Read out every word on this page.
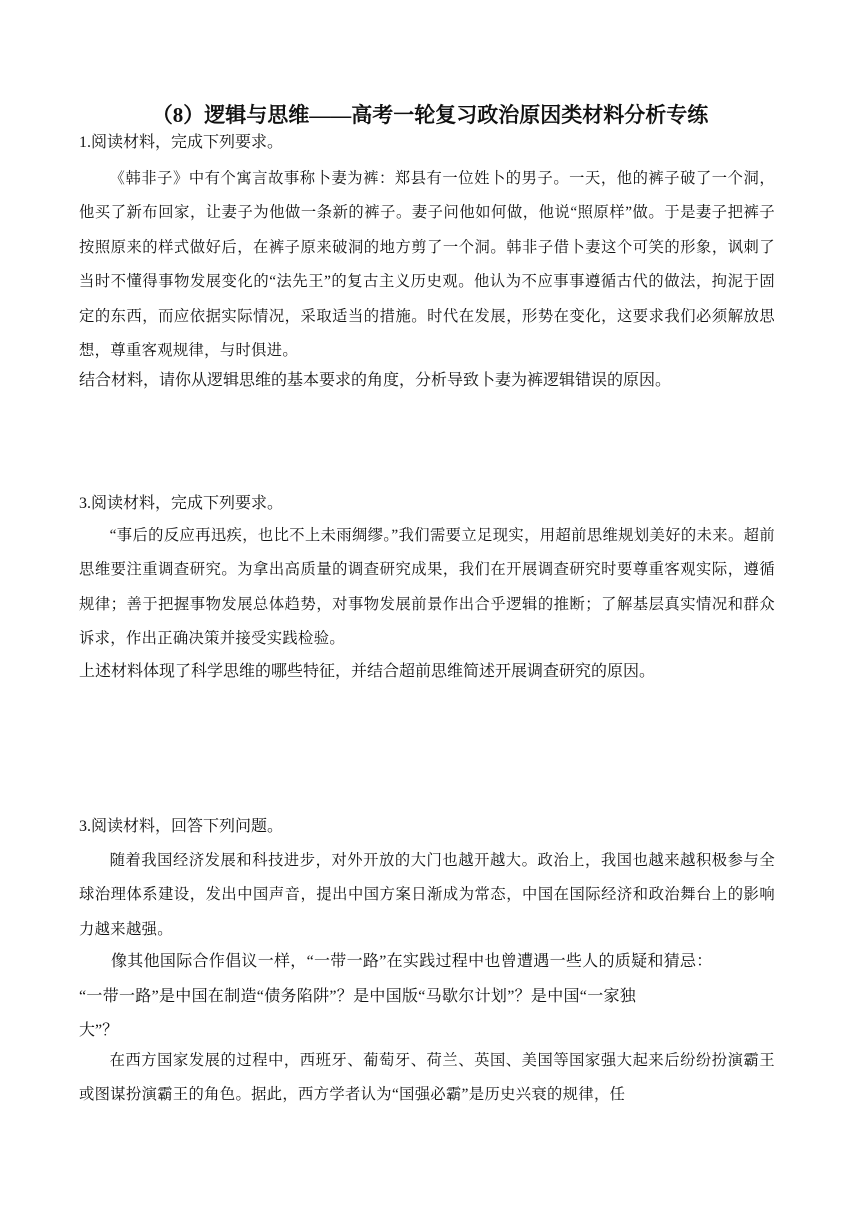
（8）逻辑与思维——高考一轮复习政治原因类材料分析专练
1.阅读材料，完成下列要求。
《韩非子》中有个寓言故事称卜妻为裤：郑县有一位姓卜的男子。一天，他的裤子破了一个洞，他买了新布回家，让妻子为他做一条新的裤子。妻子问他如何做，他说“照原样”做。于是妻子把裤子按照原来的样式做好后，在裤子原来破洞的地方剪了一个洞。韩非子借卜妻这个可笑的形象，讽刺了当时不懂得事物发展变化的“法先王”的复古主义历史观。他认为不应事事遵循古代的做法，拘泥于固定的东西，而应依据实际情况，采取适当的措施。时代在发展，形势在变化，这要求我们必须解放思想，尊重客观规律，与时俱进。
结合材料，请你从逻辑思维的基本要求的角度，分析导致卜妻为裤逻辑错误的原因。
3.阅读材料，完成下列要求。
“事后的反应再迅疾，也比不上未雨绸缪。”我们需要立足现实，用超前思维规划美好的未来。超前思维要注重调查研究。为拿出高质量的调查研究成果，我们在开展调查研究时要尊重客观实际，遵循规律；善于把握事物发展总体趋势，对事物发展前景作出合乎逻辑的推断；了解基层真实情况和群众诉求，作出正确决策并接受实践检验。
上述材料体现了科学思维的哪些特征，并结合超前思维简述开展调查研究的原因。
3.阅读材料，回答下列问题。
随着我国经济发展和科技进步，对外开放的大门也越开越大。政治上，我国也越来越积极参与全球治理体系建设，发出中国声音，提出中国方案日渐成为常态，中国在国际经济和政治舞台上的影响力越来越强。
像其他国际合作倡议一样，“一带一路”在实践过程中也曾遭遇一些人的质疑和猜忌：
“一带一路”是中国在制造“债务陷阱”？是中国版“马歇尔计划”？是中国“一家独
大”？
在西方国家发展的过程中，西班牙、葡萄牙、荷兰、英国、美国等国家强大起来后纷纷扮演霸王或图谋扮演霸王的角色。据此，西方学者认为“国强必霸”是历史兴衰的规律，任
